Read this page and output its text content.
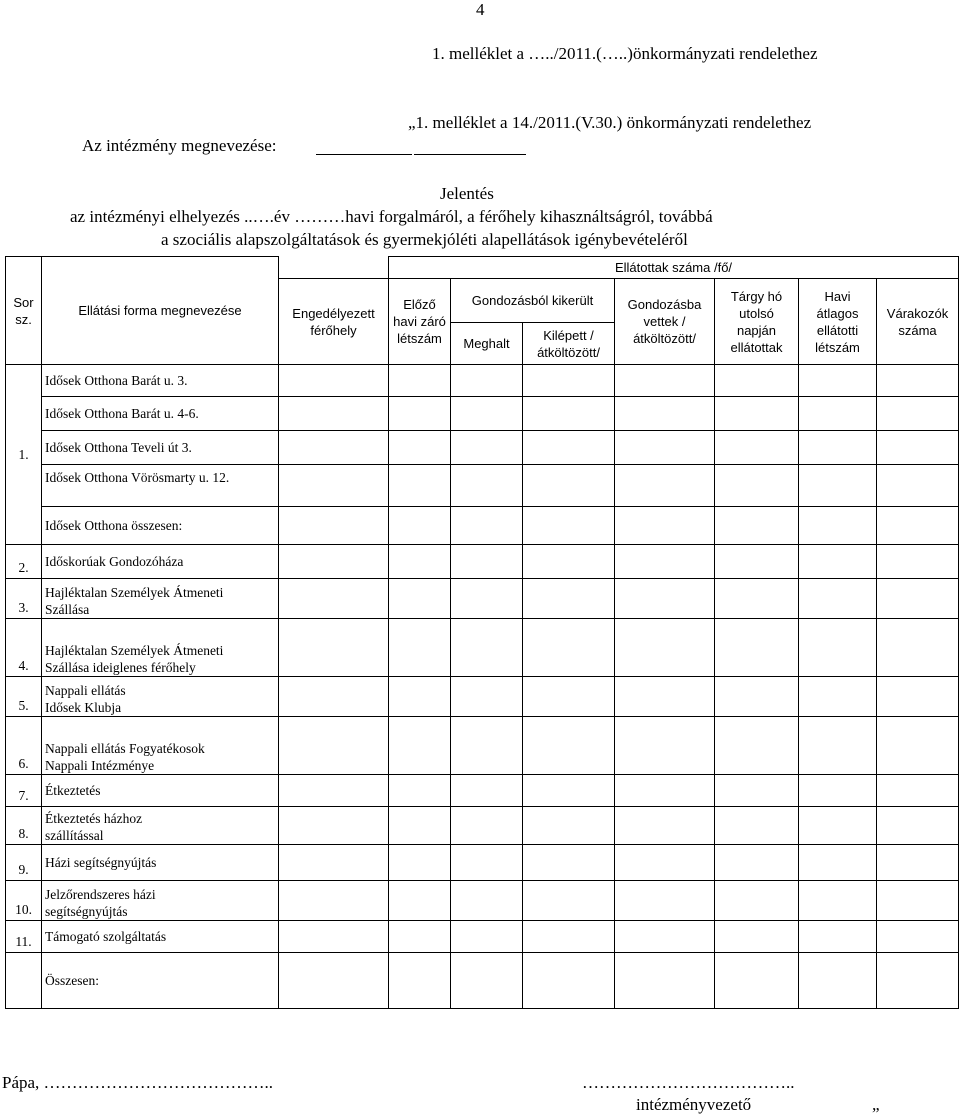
4
1. melléklet a …../2011.(…..)önkormányzati rendelethez
„1. melléklet a 14./2011.(V.30.) önkormányzati rendelethez
Az intézmény megnevezése:
Jelentés
az intézményi elhelyezés ..….év ………havi forgalmáról, a férőhely kihasználtságról, továbbá
a szociális alapszolgáltatások és gyermekjóléti alapellátások igénybevételéről
Sor sz.	Ellátási forma megnevezése		Ellátottak száma /fő/						
		Engedélyezett férőhely	Előző havi záró létszám	Gondozásból kikerült		Gondozásba vettek /átköltözött/	Tárgy hó utolsó napján ellátottak	Havi átlagos ellátotti létszám	Várakozók száma
				Meghalt	Kilépett /átköltözött/				
1.	Idősek Otthona Barát u. 3.								
	Idősek Otthona Barát u. 4-6.								
	Idősek Otthona Teveli út 3.								

	Idősek Otthona Vörösmarty u. 12.								

	Idősek Otthona összesen:								
2.	Időskorúak Gondozóháza								
3.	Hajléktalan Személyek Átmeneti Szállása								

4.	Hajléktalan Személyek Átmeneti Szállása ideiglenes férőhely								

5.	Nappali ellátás Idősek Klubja								

6.	Nappali ellátás Fogyatékosok Nappali Intézménye								

7.	Étkeztetés								
8.	Étkeztetés házhoz szállítással								

9.	Házi segítségnyújtás								
10.	Jelzőrendszeres házi segítségnyújtás								

11.	Támogató szolgáltatás								
	Összesen:								
Pápa, …………………………………..	………………………………..
intézményvezető	„
